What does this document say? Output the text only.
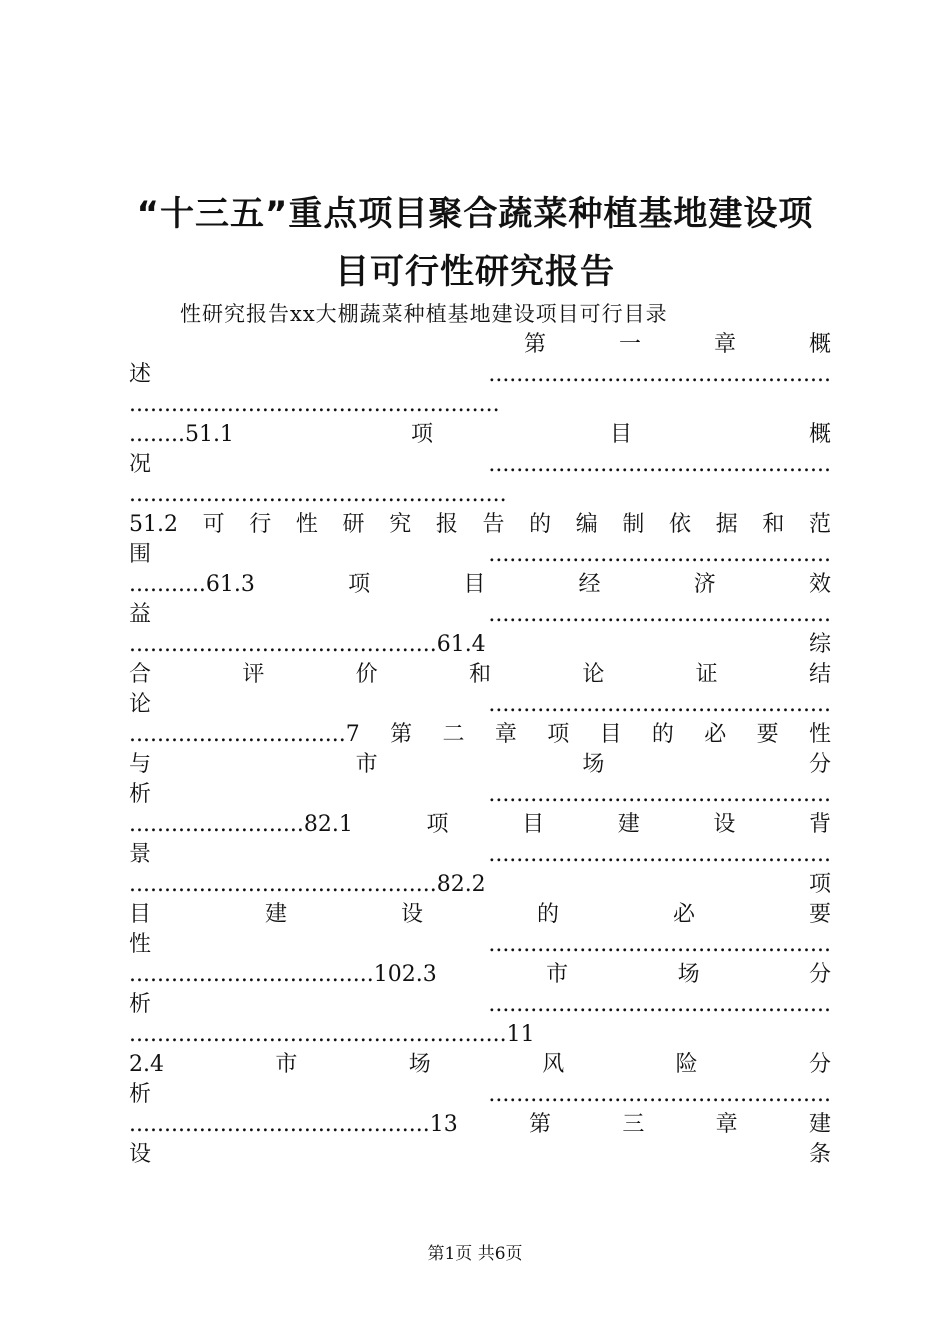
“十三五”重点项目聚合蔬菜种植基地建设项
目可行性研究报告
性研究报告xx大棚蔬菜种植基地建设项目可行目录
第　一　章　概
述.................................................
.....................................................
........51.1　项　目　概
况.................................................
......................................................
51.2　可　行　性　研　究　报　告　的　编　制　依　据　和　范
围.................................................
...........61.3　项　目　经　济　效
益.................................................
............................................61.4　综
合　评　价　和　论　证　结
论.................................................
...............................7第二章项目的必要性
与　市　场　分
析.................................................
.........................82.1　项　目　建　设　背
景.................................................
............................................82.2　项
目　建　设　的　必　要
性.................................................
...................................102.3　市　场　分
析.................................................
......................................................11
2.4　市　场　风　险　分
析.................................................
...........................................13第三章建
设　条
第1页 共6页
